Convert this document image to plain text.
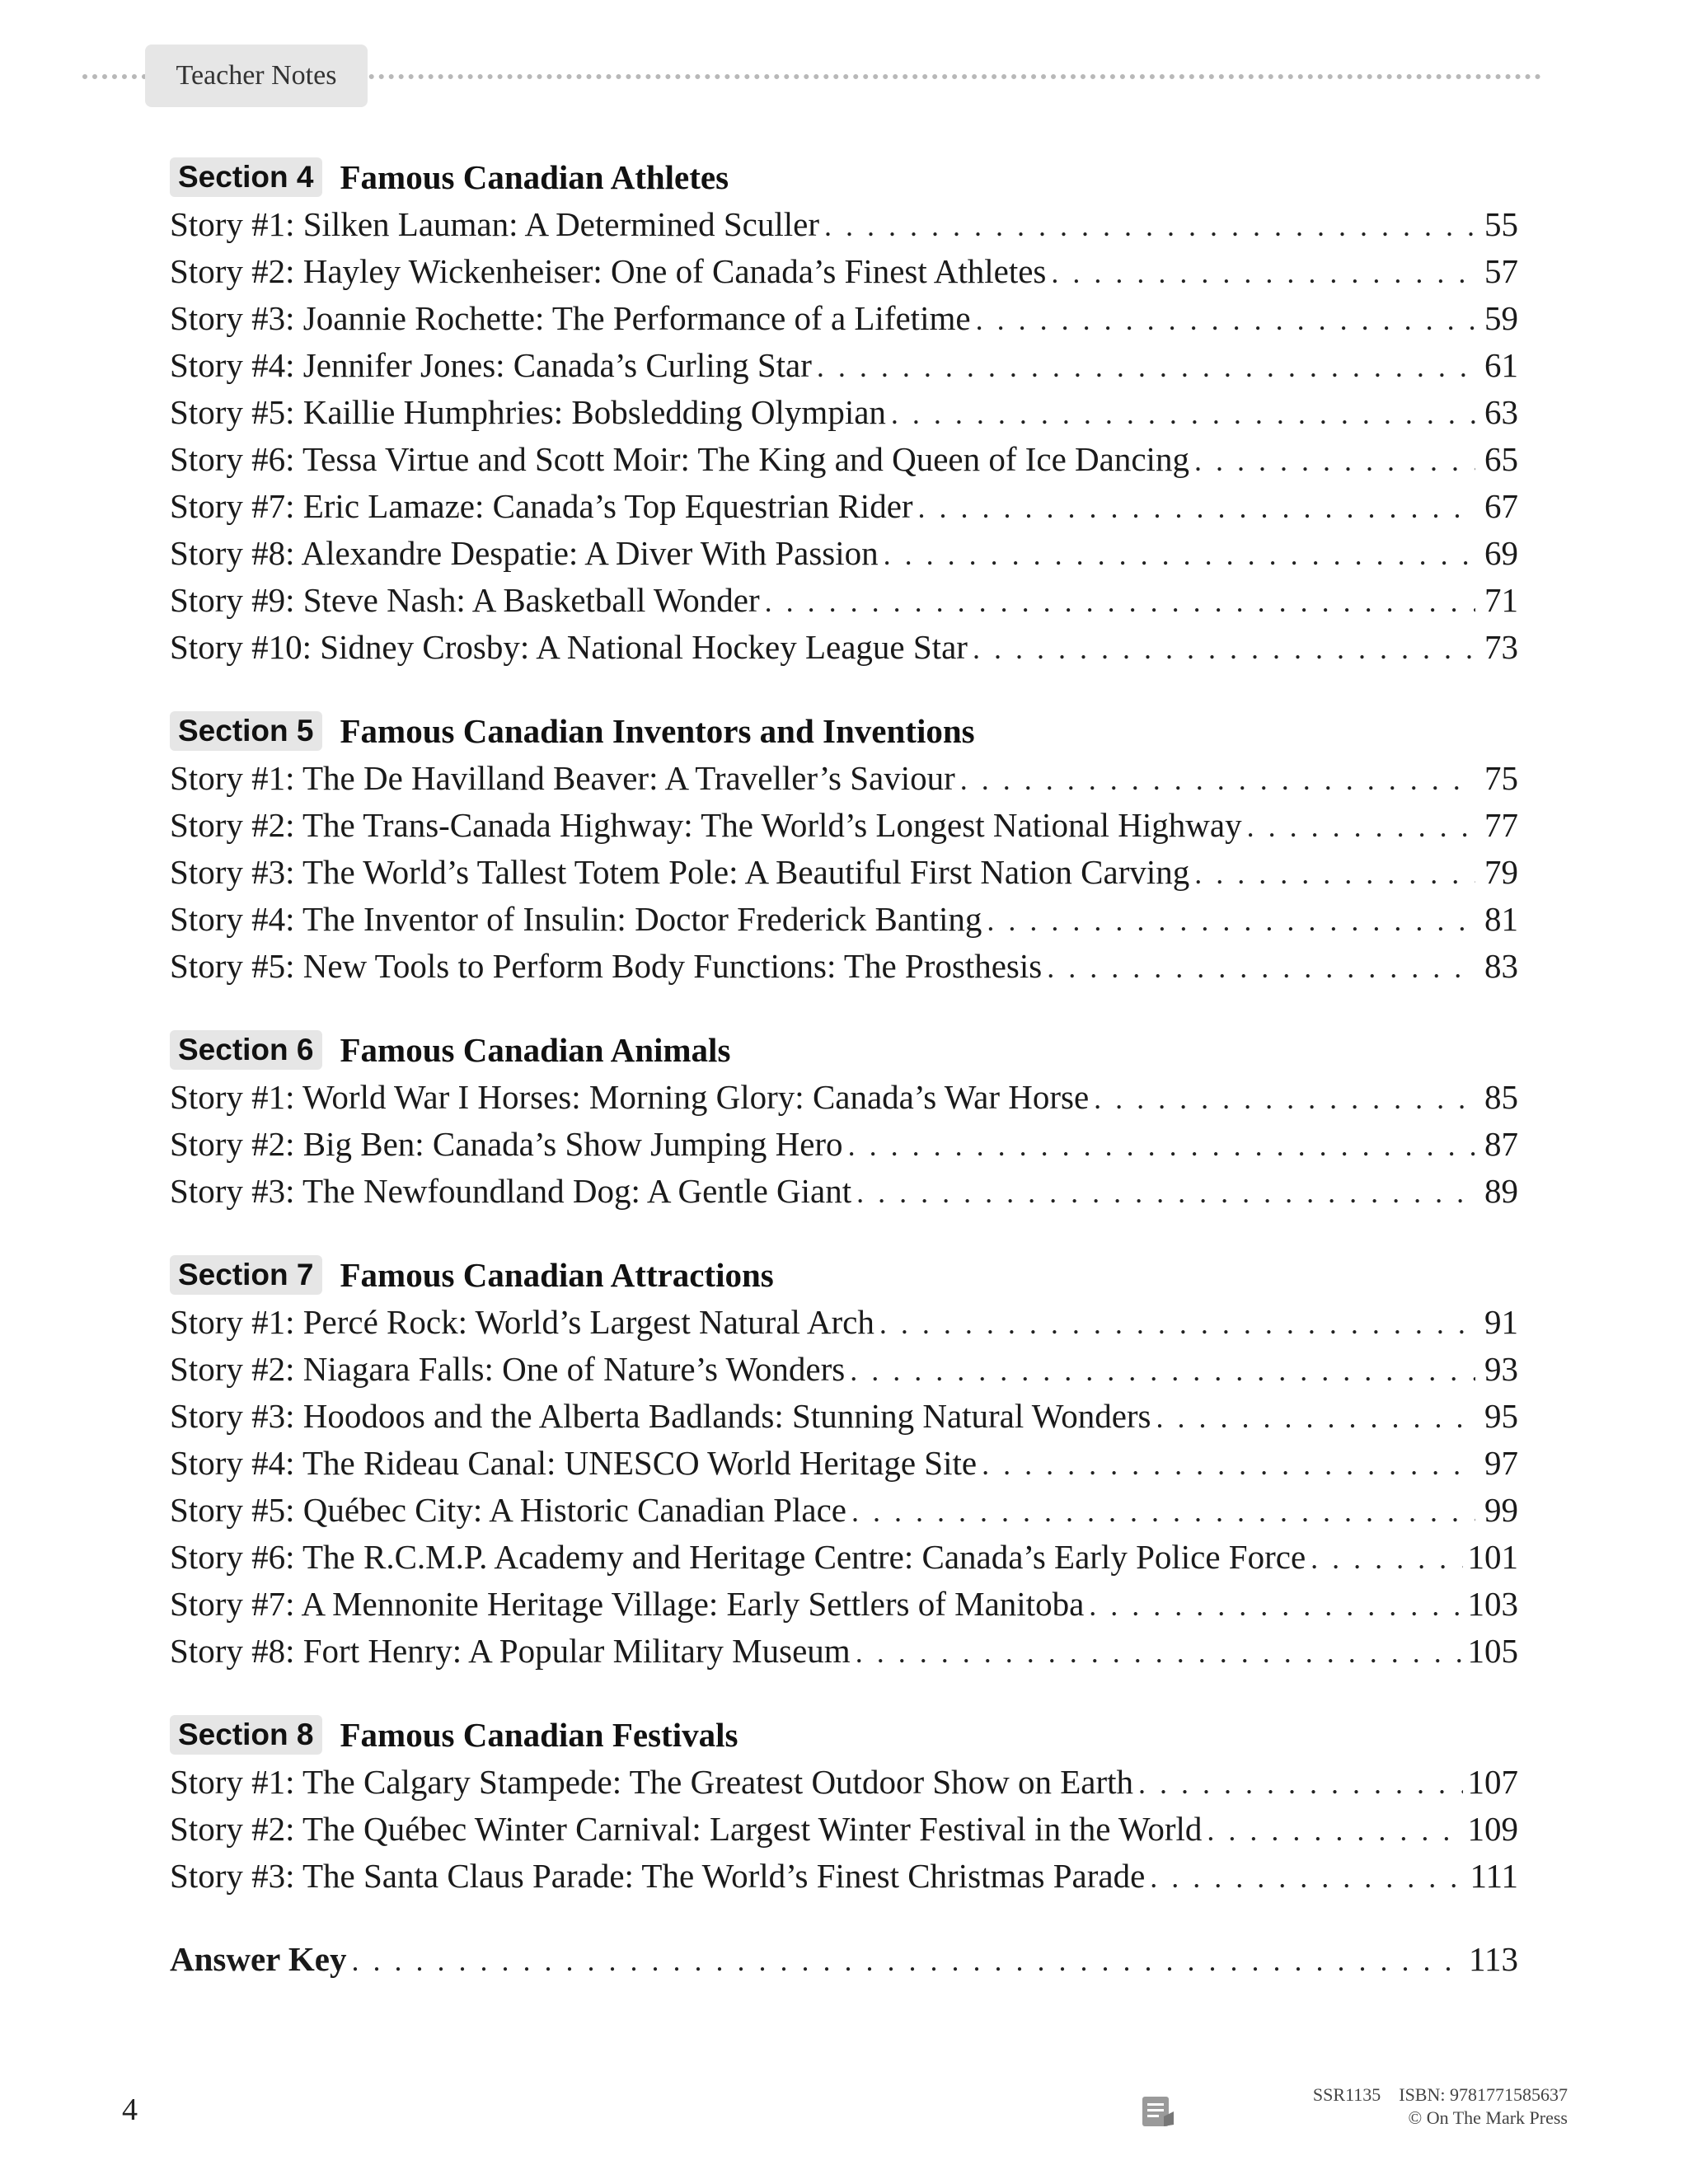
Teacher Notes
Section 4 Famous Canadian Athletes
Story #1: Silken Lauman: A Determined Sculler . . .	55
Story #2: Hayley Wickenheiser: One of Canada’s Finest Athletes . . .	57
Story #3: Joannie Rochette: The Performance of a Lifetime . . .	59
Story #4: Jennifer Jones: Canada’s Curling Star . . .	61
Story #5: Kaillie Humphries: Bobsledding Olympian . . .	63
Story #6: Tessa Virtue and Scott Moir: The King and Queen of Ice Dancing . . .	65
Story #7: Eric Lamaze: Canada’s Top Equestrian Rider . . .	67
Story #8: Alexandre Despatie: A Diver With Passion . . .	69
Story #9: Steve Nash: A Basketball Wonder . . .	71
Story #10: Sidney Crosby: A National Hockey League Star . . .	73
Section 5 Famous Canadian Inventors and Inventions
Story #1: The De Havilland Beaver: A Traveller’s Saviour . . .	75
Story #2: The Trans-Canada Highway: The World’s Longest National Highway . . .	77
Story #3: The World’s Tallest Totem Pole: A Beautiful First Nation Carving . . .	79
Story #4: The Inventor of Insulin: Doctor Frederick Banting . . .	81
Story #5: New Tools to Perform Body Functions: The Prosthesis . . .	83
Section 6 Famous Canadian Animals
Story #1: World War I Horses: Morning Glory: Canada’s War Horse . . .	85
Story #2: Big Ben: Canada’s Show Jumping Hero . . .	87
Story #3: The Newfoundland Dog: A Gentle Giant . . .	89
Section 7 Famous Canadian Attractions
Story #1: Percé Rock: World’s Largest Natural Arch . . .	91
Story #2: Niagara Falls: One of Nature’s Wonders . . .	93
Story #3: Hoodoos and the Alberta Badlands: Stunning Natural Wonders . . .	95
Story #4: The Rideau Canal: UNESCO World Heritage Site . . .	97
Story #5: Québec City: A Historic Canadian Place . . .	99
Story #6: The R.C.M.P. Academy and Heritage Centre: Canada’s Early Police Force . . .	101
Story #7: A Mennonite Heritage Village: Early Settlers of Manitoba . . .	103
Story #8: Fort Henry: A Popular Military Museum . . .	105
Section 8 Famous Canadian Festivals
Story #1: The Calgary Stampede: The Greatest Outdoor Show on Earth . . .	107
Story #2: The Québec Winter Carnival: Largest Winter Festival in the World . . .	109
Story #3: The Santa Claus Parade: The World’s Finest Christmas Parade . . .	111
Answer Key . . .	113
4	SSR1135 ISBN: 9781771585637
© On The Mark Press
